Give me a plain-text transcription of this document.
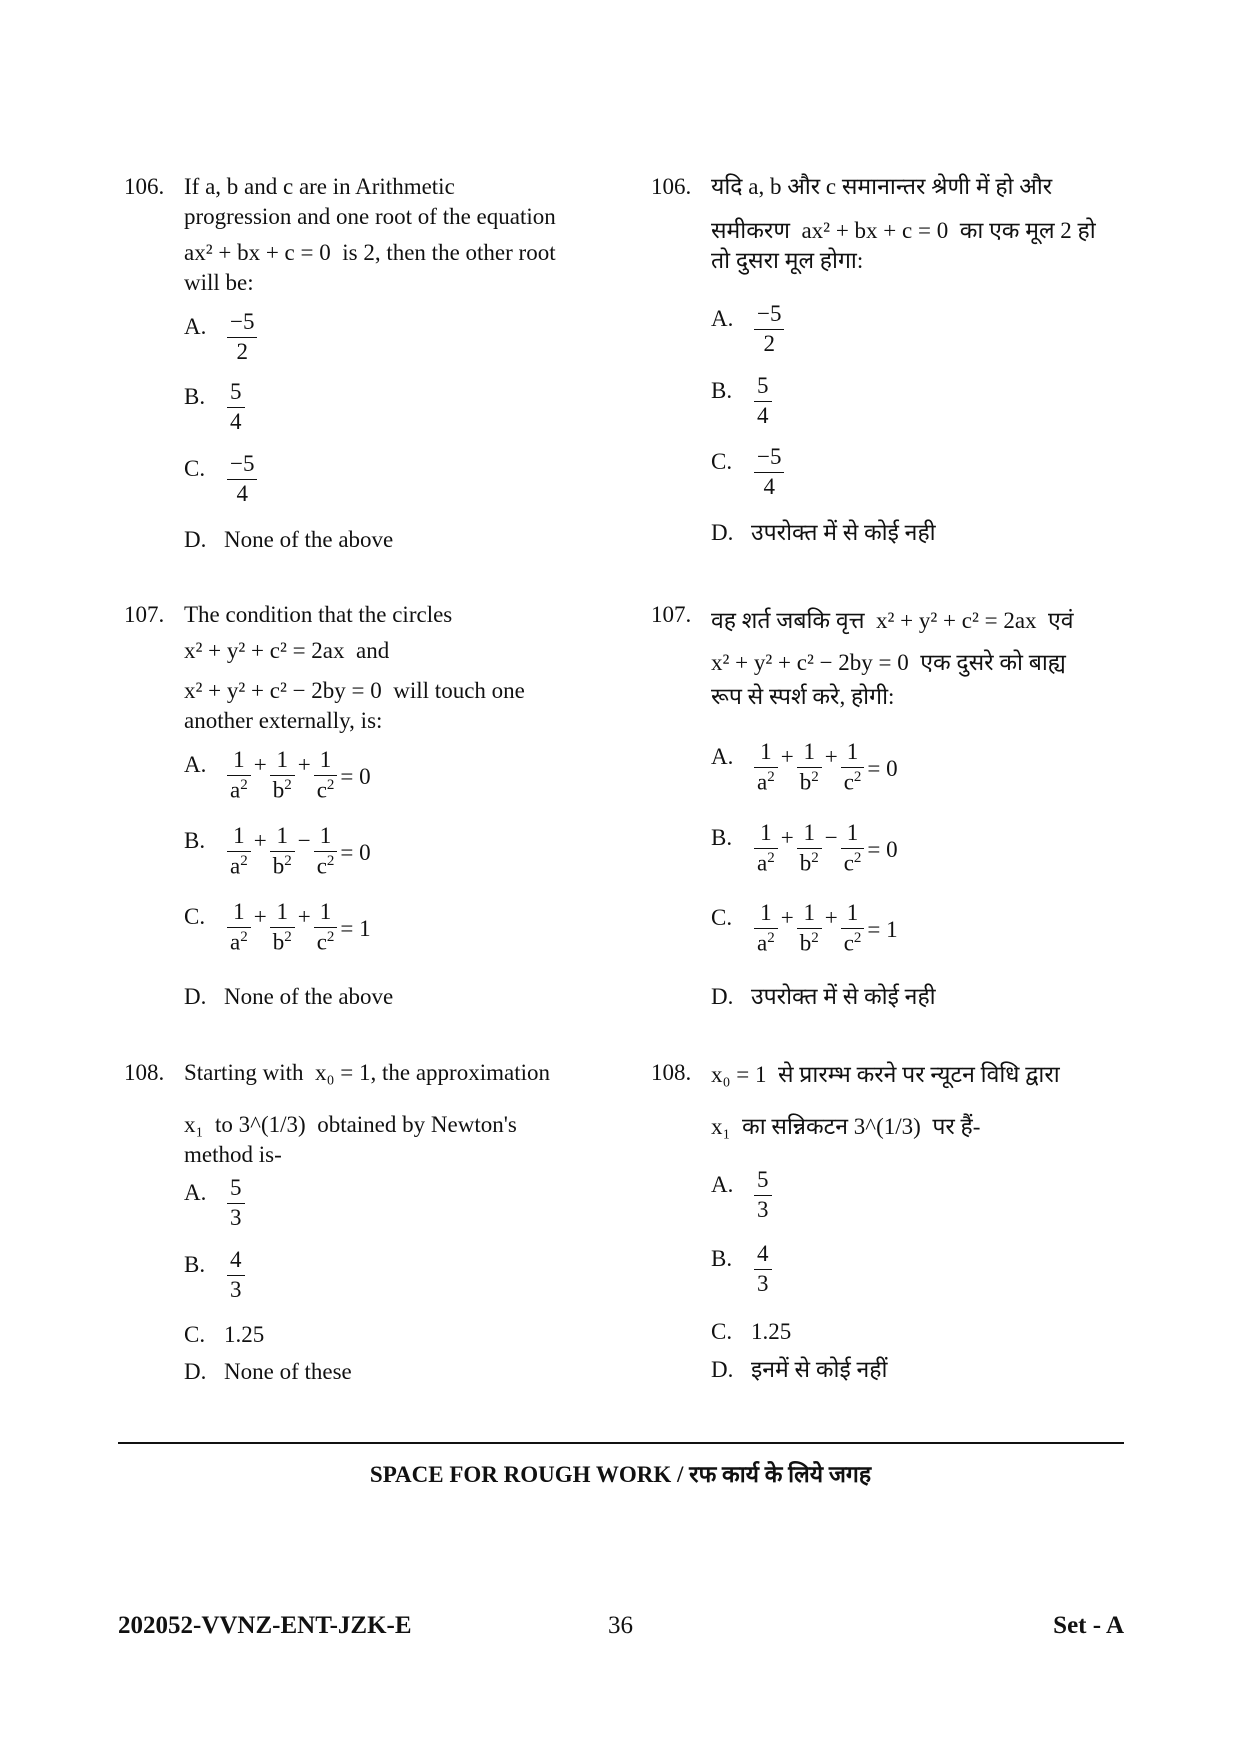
106. If a, b and c are in Arithmetic
progression and one root of the equation
ax² + bx + c = 0 is 2, then the other root
will be:
A. $\frac{-5}{2}$
B. $\frac{5}{4}$
C. $\frac{-5}{4}$
D. None of the above
107. The condition that the circles
x² + y² + c² = 2ax and
x² + y² + c² − 2by = 0 will touch one
another externally, is:
A. $\frac{1}{a^2} + \frac{1}{b^2} + \frac{1}{c^2} = 0$
B. $\frac{1}{a^2} + \frac{1}{b^2} - \frac{1}{c^2} = 0$
C. $\frac{1}{a^2} + \frac{1}{b^2} + \frac{1}{c^2} = 1$
D. None of the above
108. Starting with x₀ = 1, the approximation
x₁ to 3^(1/3) obtained by Newton's
method is-
A. $\frac{5}{3}$
B. $\frac{4}{3}$
C. 1.25
D. None of these
106. यदि a, b और c समानान्तर श्रेणी में हो और
समीकरण ax² + bx + c = 0 का एक मूल 2 हो
तो दुसरा मूल होगा:
A. $\frac{-5}{2}$
B. $\frac{5}{4}$
C. $\frac{-5}{4}$
D. उपरोक्त में से कोई नही
107. वह शर्त जबकि वृत्त x² + y² + c² = 2ax एवं
x² + y² + c² − 2by = 0 एक दुसरे को बाह्य
रूप से स्पर्श करे, होगी:
A. $\frac{1}{a^2} + \frac{1}{b^2} + \frac{1}{c^2} = 0$
B. $\frac{1}{a^2} + \frac{1}{b^2} - \frac{1}{c^2} = 0$
C. $\frac{1}{a^2} + \frac{1}{b^2} + \frac{1}{c^2} = 1$
D. उपरोक्त में से कोई नही
108. x₀ = 1 से प्रारम्भ करने पर न्यूटन विधि द्वारा
x₁ का सन्निकटन 3^(1/3) पर हैं-
A. $\frac{5}{3}$
B. $\frac{4}{3}$
C. 1.25
D. इनमें से कोई नहीं
SPACE FOR ROUGH WORK / रफ कार्य के लिये जगह
202052-VVNZ-ENT-JZK-E	36	Set - A
